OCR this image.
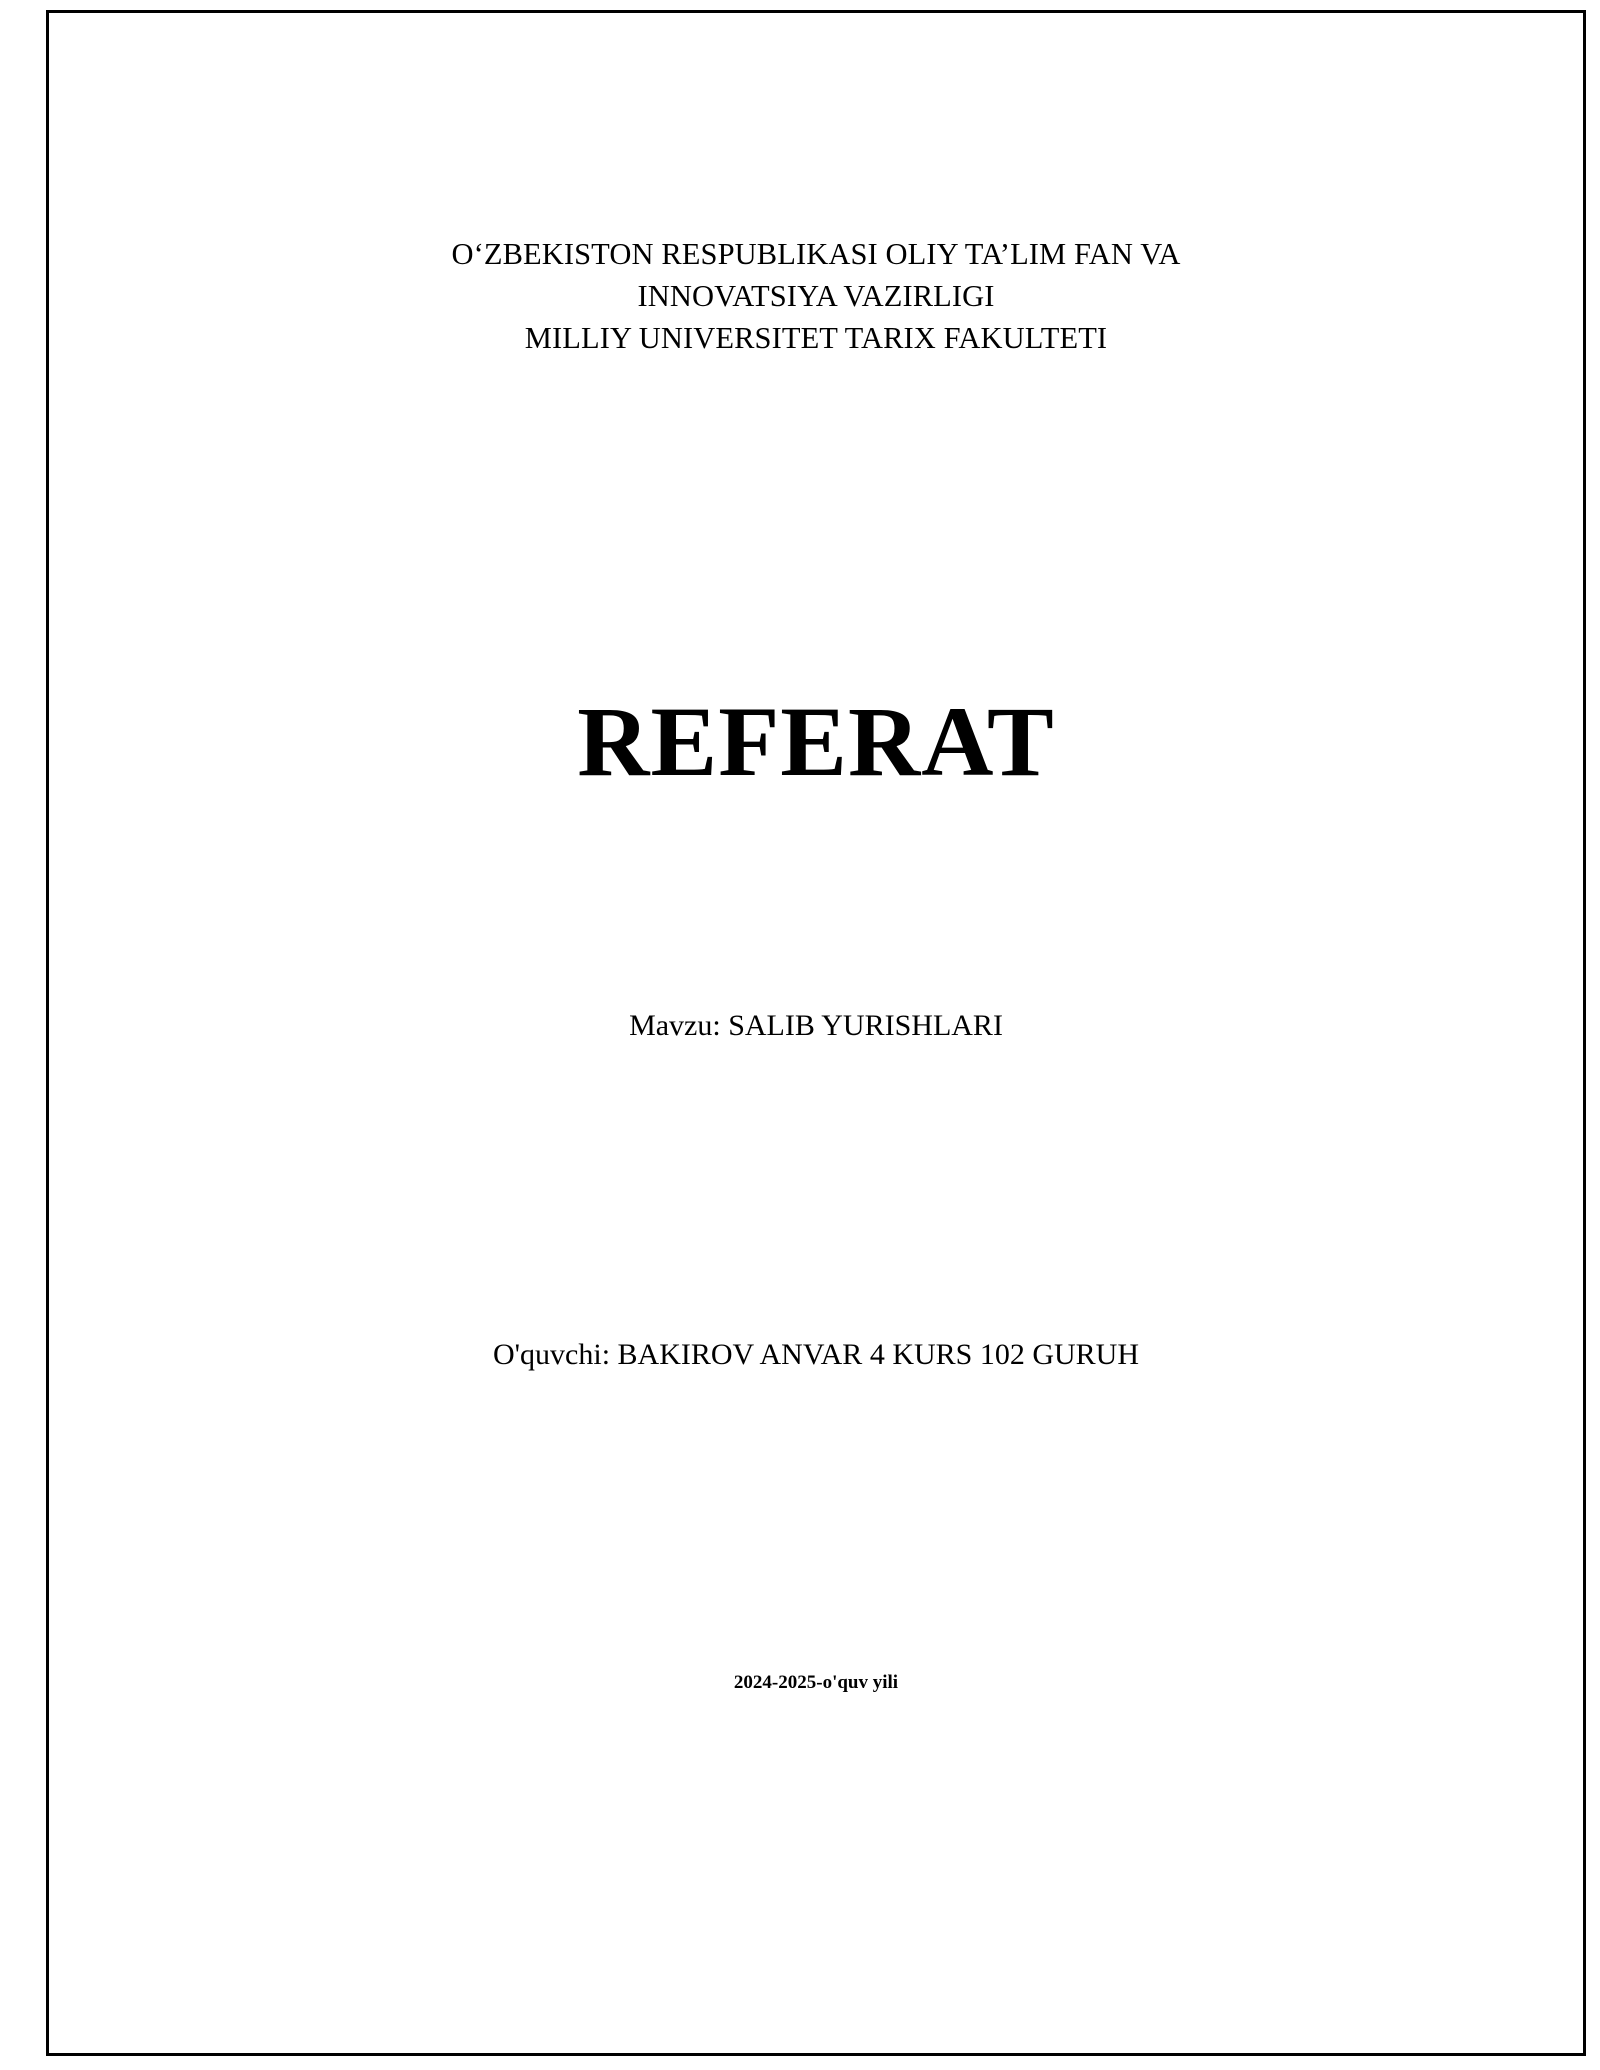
O‘ZBEKISTON RESPUBLIKASI OLIY TA’LIM FAN VA
INNOVATSIYA VAZIRLIGI
MILLIY UNIVERSITET TARIX FAKULTETI
REFERAT
Mavzu: SALIB YURISHLARI
O'quvchi: BAKIROV ANVAR 4 KURS 102 GURUH
2024-2025-o'quv yili
